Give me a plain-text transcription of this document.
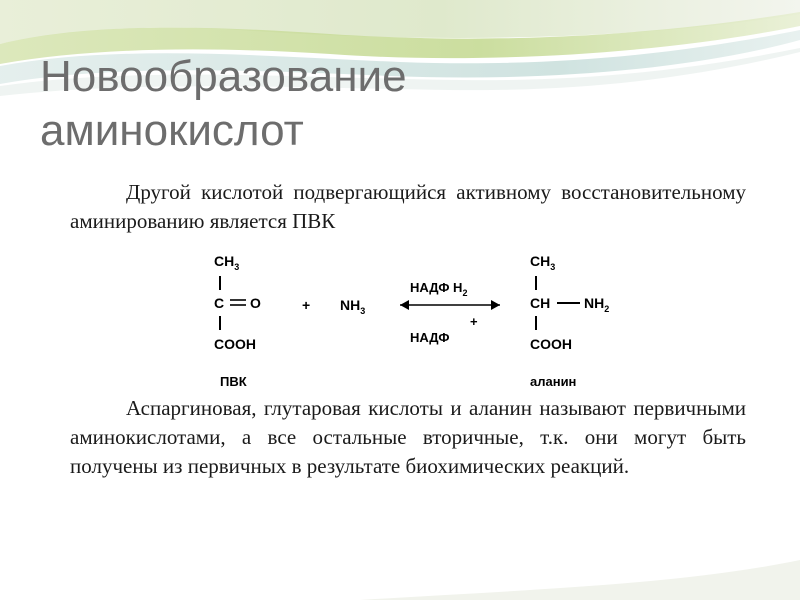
Новообразование
аминокислот
Другой кислотой подвергающийся активному восстановительному аминированию является ПВК
$CH_3$
C O
COOH
ПВК
+ $NH_3$
НАДФ $H_2$
+
НАДФ
$CH_3$
CH $NH_2$
COOH
аланин
Аспаргиновая, глутаровая кислоты и аланин называют первичными аминокислотами, а все остальные вторичные, т.к. они могут быть получены из первичных в результате биохимических реакций.
